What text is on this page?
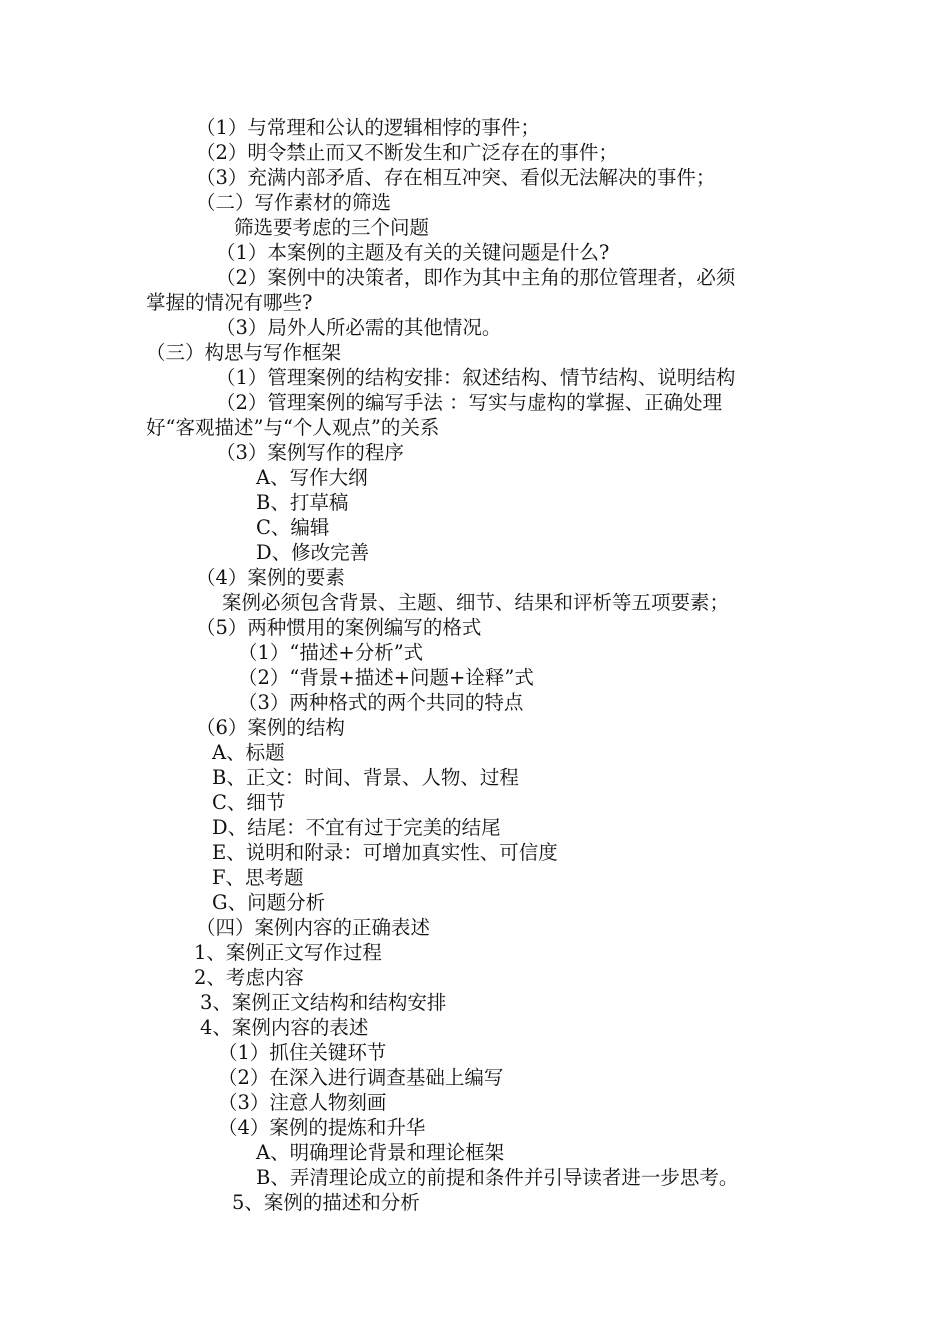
（1）与常理和公认的逻辑相悖的事件；
（2）明令禁止而又不断发生和广泛存在的事件；
（3）充满内部矛盾、存在相互冲突、看似无法解决的事件；
（二）写作素材的筛选
筛选要考虑的三个问题
（1）本案例的主题及有关的关键问题是什么?
（2）案例中的决策者，即作为其中主角的那位管理者，必须
掌握的情况有哪些?
（3）局外人所必需的其他情况。
（三）构思与写作框架
（1）管理案例的结构安排：叙述结构、情节结构、说明结构
（2）管理案例的编写手法 ：写实与虚构的掌握、正确处理
好“客观描述”与“个人观点”的关系
（3）案例写作的程序
A、写作大纲
B、打草稿
C、编辑
D、修改完善
（4）案例的要素
案例必须包含背景、主题、细节、结果和评析等五项要素；
（5）两种惯用的案例编写的格式
（1）“描述+分析”式
（2）“背景+描述+问题+诠释”式
（3）两种格式的两个共同的特点
（6）案例的结构
A、标题
B、正文：时间、背景、人物、过程
C、细节
D、结尾：不宜有过于完美的结尾
E、说明和附录：可增加真实性、可信度
F、思考题
G、问题分析
（四）案例内容的正确表述
1、案例正文写作过程
2、考虑内容
3、案例正文结构和结构安排
4、案例内容的表述
（1）抓住关键环节
（2）在深入进行调查基础上编写
（3）注意人物刻画
（4）案例的提炼和升华
A、明确理论背景和理论框架
B、弄清理论成立的前提和条件并引导读者进一步思考。
5、案例的描述和分析
